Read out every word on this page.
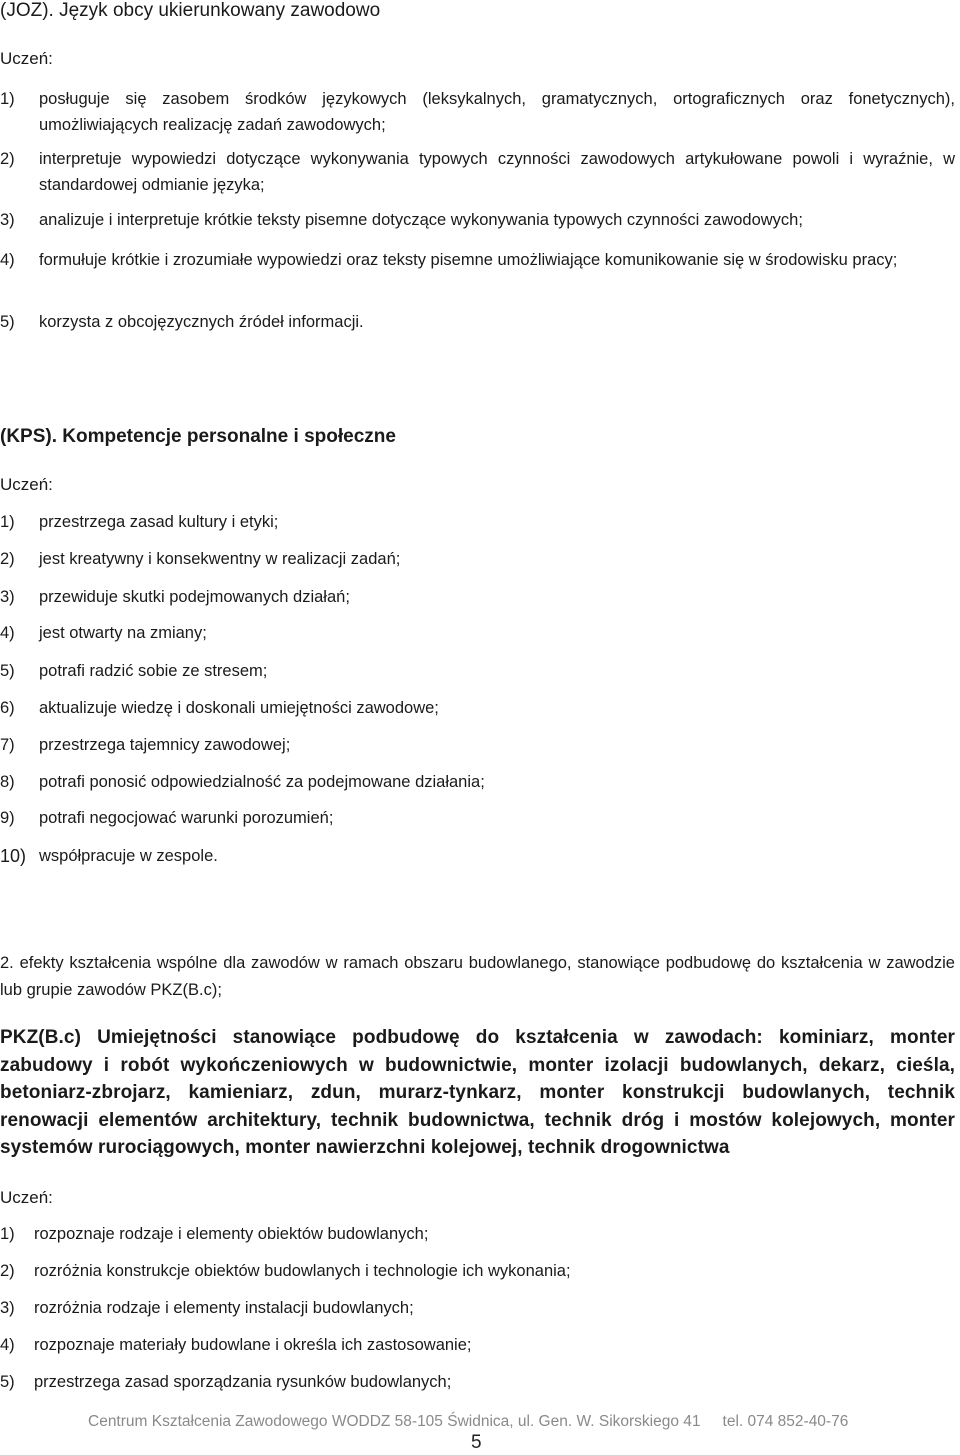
(JOZ). Język obcy ukierunkowany zawodowo
Uczeń:
1) posługuje się zasobem środków językowych (leksykalnych, gramatycznych, ortograficznych oraz fonetycznych), umożliwiających realizację zadań zawodowych;
2) interpretuje wypowiedzi dotyczące wykonywania typowych czynności zawodowych artykułowane powoli i wyraźnie, w standardowej odmianie języka;
3) analizuje i interpretuje krótkie teksty pisemne dotyczące wykonywania typowych czynności zawodowych;
4) formułuje krótkie i zrozumiałe wypowiedzi oraz teksty pisemne umożliwiające komunikowanie się w środowisku pracy;
5) korzysta z obcojęzycznych źródeł informacji.
(KPS). Kompetencje personalne i społeczne
Uczeń:
1) przestrzega zasad kultury i etyki;
2) jest kreatywny i konsekwentny w realizacji zadań;
3) przewiduje skutki podejmowanych działań;
4) jest otwarty na zmiany;
5) potrafi radzić sobie ze stresem;
6) aktualizuje wiedzę i doskonali umiejętności zawodowe;
7) przestrzega tajemnicy zawodowej;
8) potrafi ponosić odpowiedzialność za podejmowane działania;
9) potrafi negocjować warunki porozumień;
10) współpracuje w zespole.
2. efekty kształcenia wspólne dla zawodów w ramach obszaru budowlanego, stanowiące podbudowę do kształcenia w zawodzie lub grupie zawodów PKZ(B.c);
PKZ(B.c) Umiejętności stanowiące podbudowę do kształcenia w zawodach: kominiarz, monter zabudowy i robót wykończeniowych w budownictwie, monter izolacji budowlanych, dekarz, cieśla, betoniarz-zbrojarz, kamieniarz, zdun, murarz-tynkarz, monter konstrukcji budowlanych, technik renowacji elementów architektury, technik budownictwa, technik dróg i mostów kolejowych, monter systemów rurociągowych, monter nawierzchni kolejowej, technik drogownictwa
Uczeń:
1) rozpoznaje rodzaje i elementy obiektów budowlanych;
2) rozróżnia konstrukcje obiektów budowlanych i technologie ich wykonania;
3) rozróżnia rodzaje i elementy instalacji budowlanych;
4) rozpoznaje materiały budowlane i określa ich zastosowanie;
5) przestrzega zasad sporządzania rysunków budowlanych;
Centrum Kształcenia Zawodowego WODDZ 58-105 Świdnica, ul. Gen. W. Sikorskiego 41 tel. 074 852-40-76
5
